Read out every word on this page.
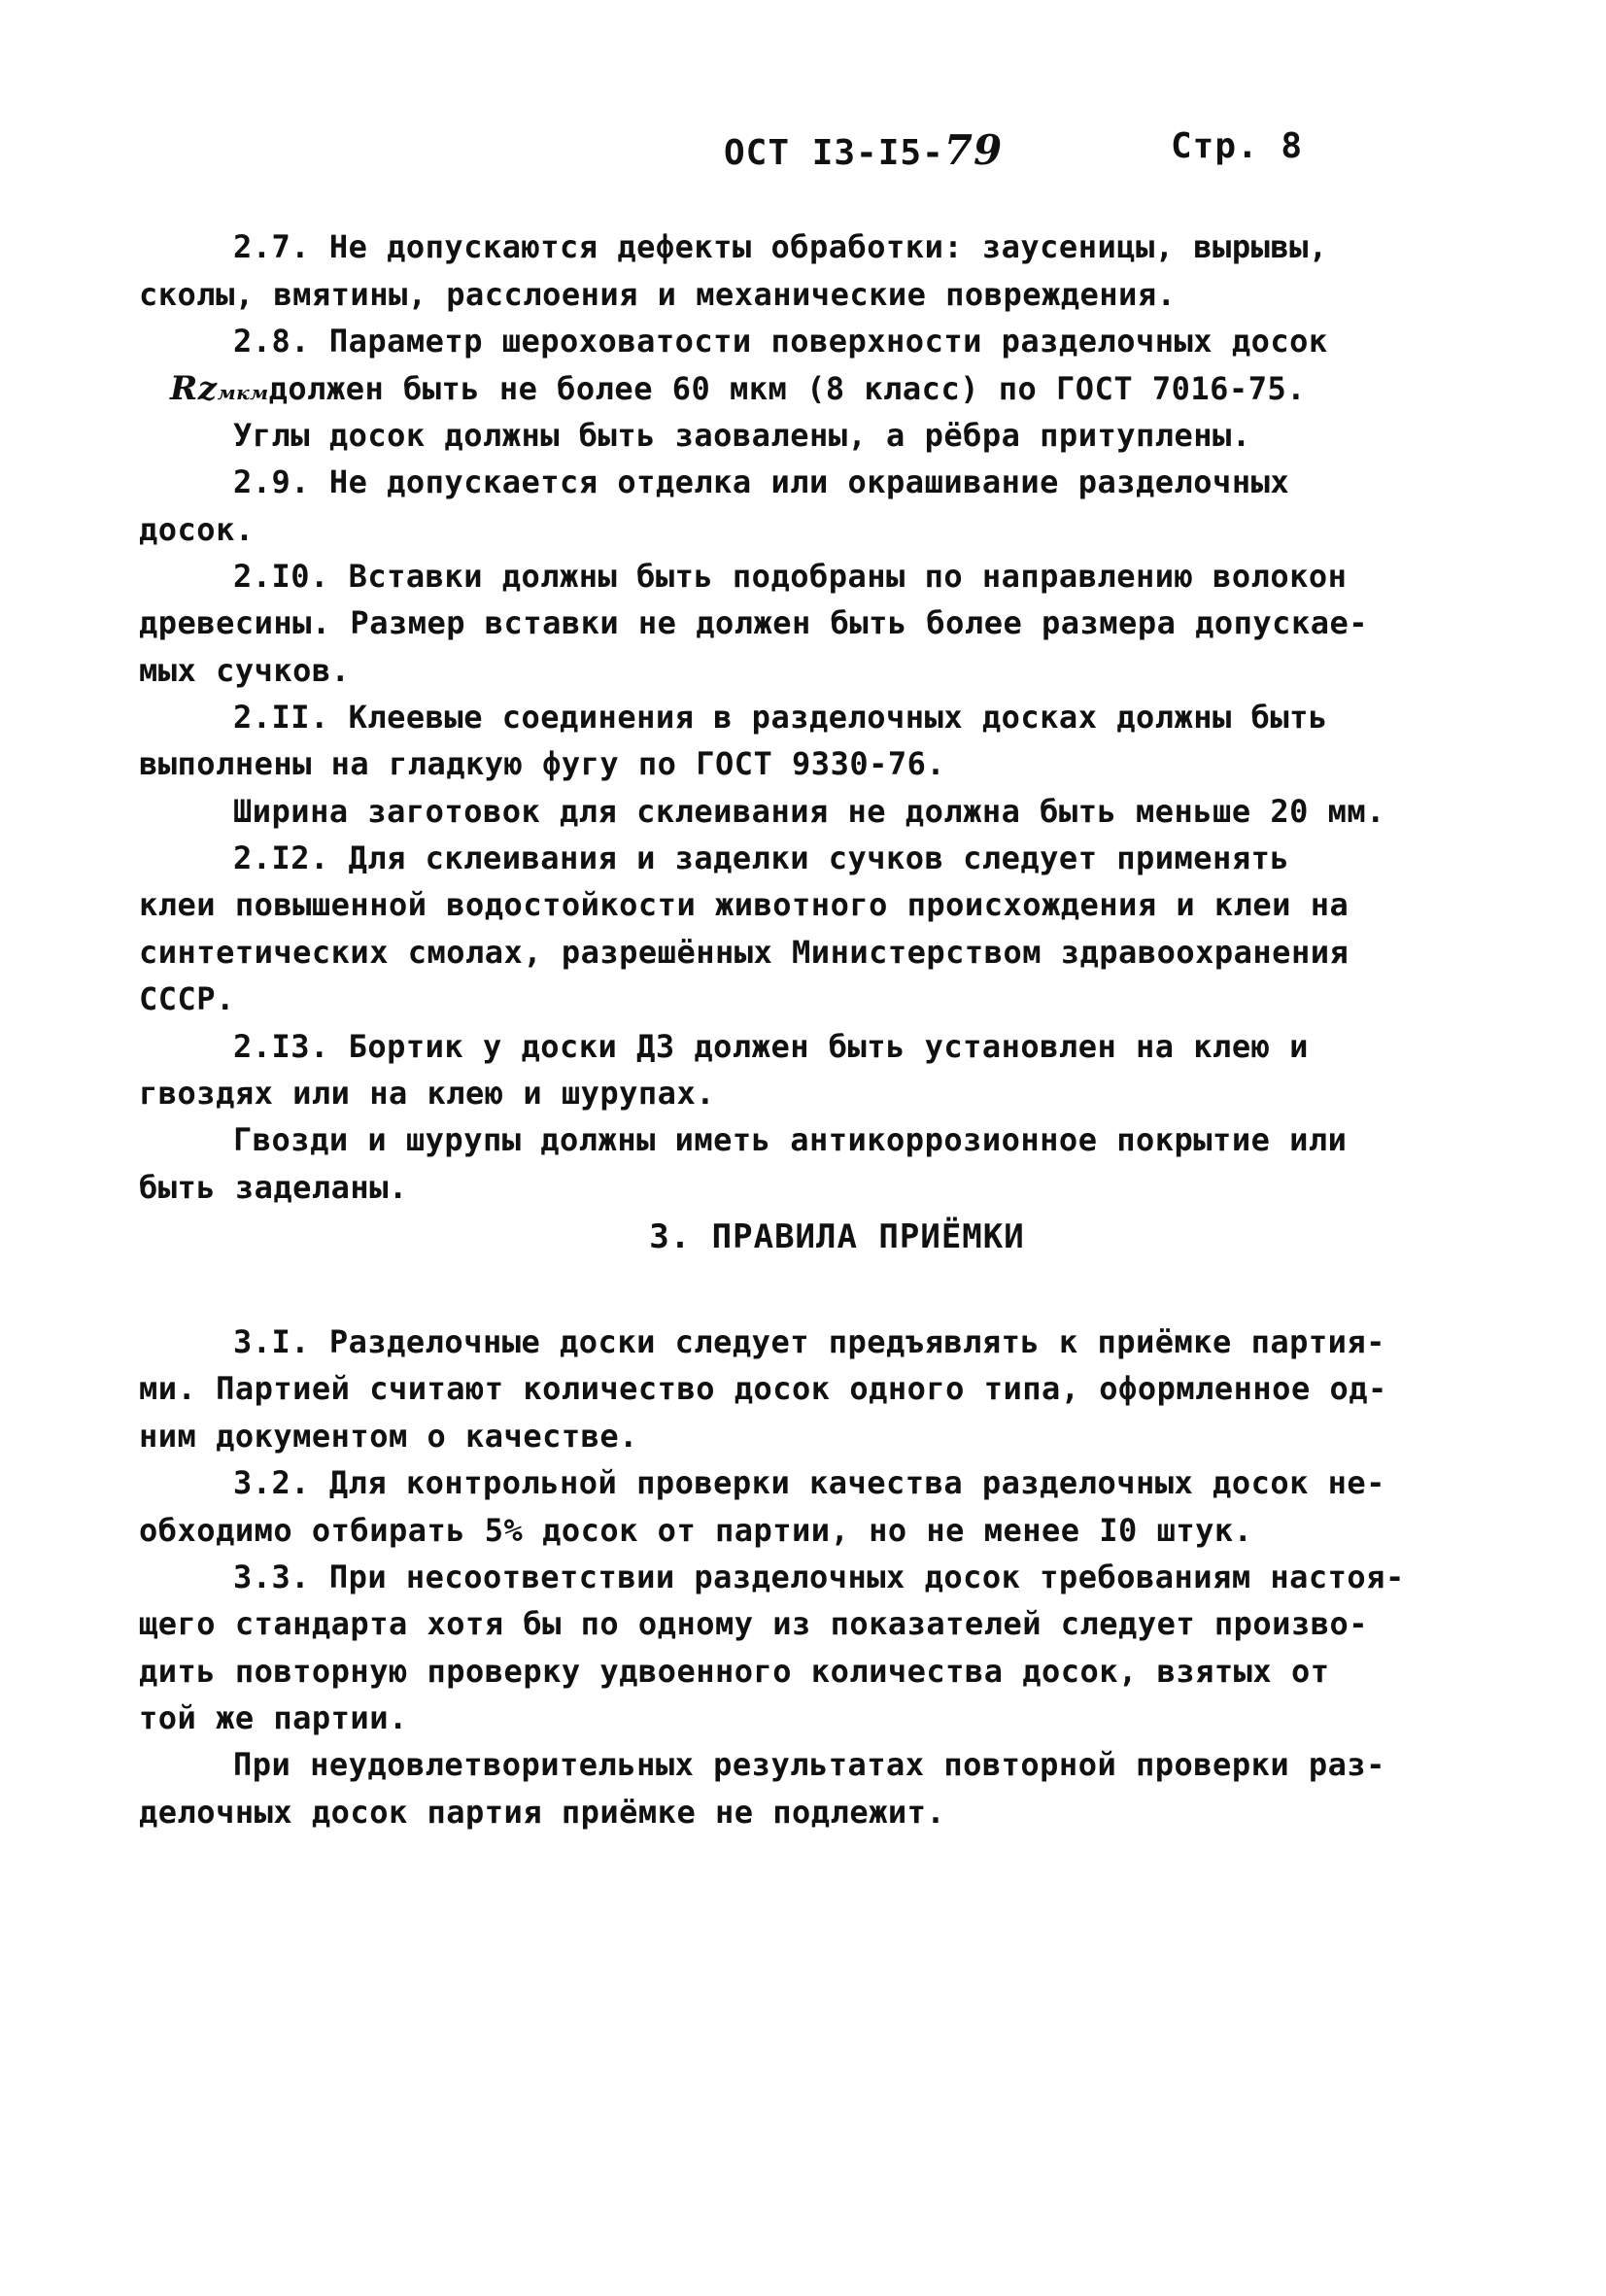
ОСТ I3-I5-79	Стр. 8
2.7. Не допускаются дефекты обработки: заусеницы, вырывы,
сколы, вмятины, расслоения и механические повреждения.
2.8. Параметр шероховатости поверхности разделочных досок
Rzмкмдолжен быть не более 60 мкм (8 класс) по ГОСТ 7016-75.
Углы досок должны быть заовалены, а рёбра притуплены.
2.9. Не допускается отделка или окрашивание разделочных
досок.
2.I0. Вставки должны быть подобраны по направлению волокон
древесины. Размер вставки не должен быть более размера допускае-
мых сучков.
2.II. Клеевые соединения в разделочных досках должны быть
выполнены на гладкую фугу по ГОСТ 9330-76.
Ширина заготовок для склеивания не должна быть меньше 20 мм.
2.I2. Для склеивания и заделки сучков следует применять
клеи повышенной водостойкости животного происхождения и клеи на
синтетических смолах, разрешённых Министерством здравоохранения
СССР.
2.I3. Бортик у доски Д3 должен быть установлен на клею и
гвоздях или на клею и шурупах.
Гвозди и шурупы должны иметь антикоррозионное покрытие или
быть заделаны.
3. ПРАВИЛА ПРИЁМКИ
3.I. Разделочные доски следует предъявлять к приёмке партия-
ми. Партией считают количество досок одного типа, оформленное од-
ним документом о качестве.
3.2. Для контрольной проверки качества разделочных досок не-
обходимо отбирать 5% досок от партии, но не менее I0 штук.
3.3. При несоответствии разделочных досок требованиям настоя-
щего стандарта хотя бы по одному из показателей следует произво-
дить повторную проверку удвоенного количества досок, взятых от
той же партии.
При неудовлетворительных результатах повторной проверки раз-
делочных досок партия приёмке не подлежит.
